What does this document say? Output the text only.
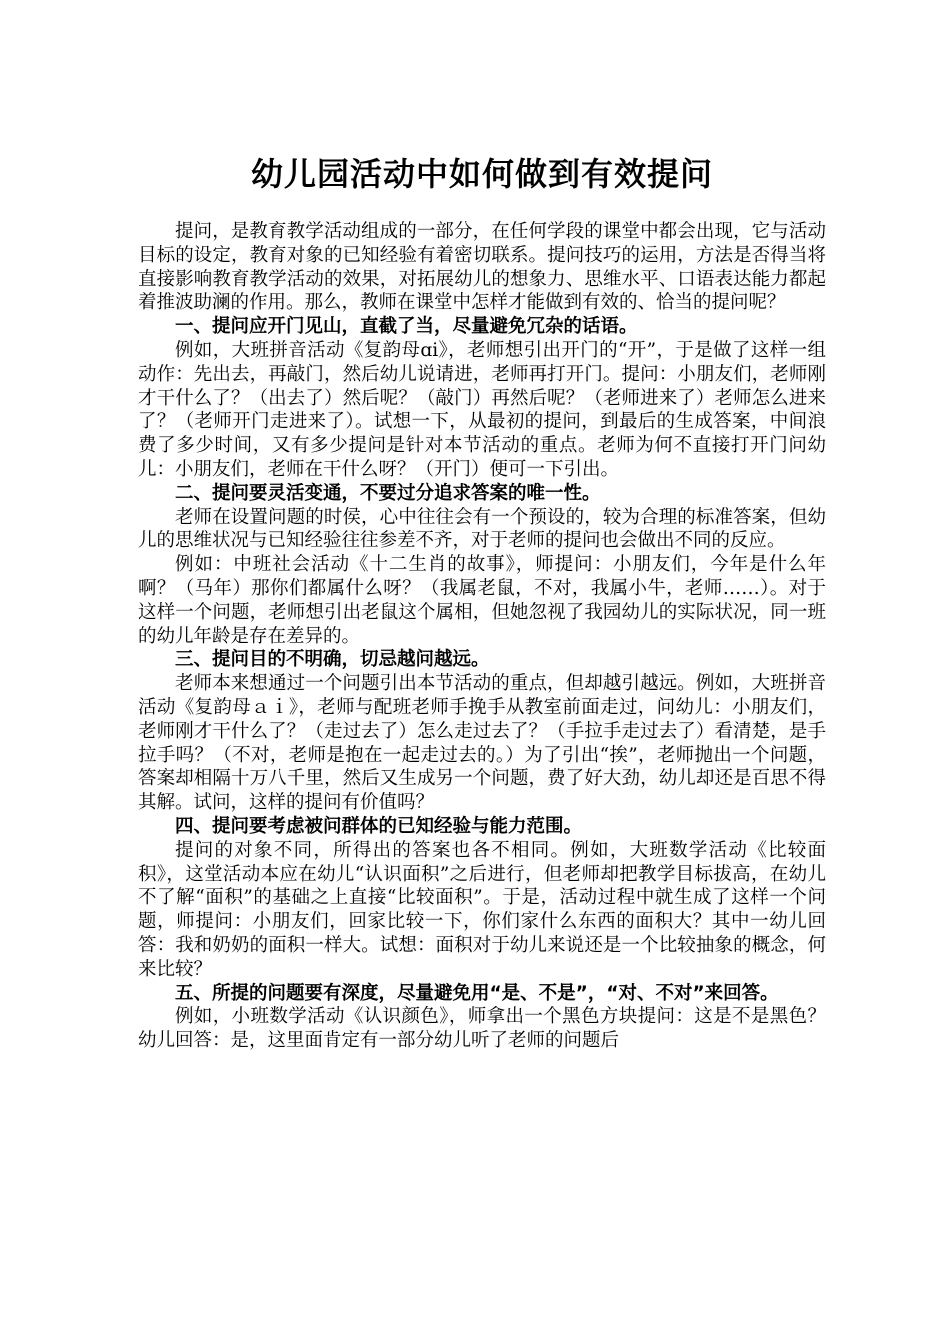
幼儿园活动中如何做到有效提问

提问，是教育教学活动组成的一部分，在任何学段的课堂中都会出现，它与活动目标的设定，教育对象的已知经验有着密切联系。提问技巧的运用，方法是否得当将直接影响教育教学活动的效果，对拓展幼儿的想象力、思维水平、口语表达能力都起着推波助澜的作用。那么，教师在课堂中怎样才能做到有效的、恰当的提问呢？

一、提问应开门见山，直截了当，尽量避免冗杂的话语。

例如，大班拼音活动《复韵母ɑi》，老师想引出开门的“开”，于是做了这样一组动作：先出去，再敲门，然后幼儿说请进，老师再打开门。提问：小朋友们，老师刚才干什么了？（出去了）然后呢？（敲门）再然后呢？（老师进来了）老师怎么进来了？（老师开门走进来了）。试想一下，从最初的提问，到最后的生成答案，中间浪费了多少时间，又有多少提问是针对本节活动的重点。老师为何不直接打开门问幼儿：小朋友们，老师在干什么呀？（开门）便可一下引出。

二、提问要灵活变通，不要过分追求答案的唯一性。

老师在设置问题的时侯，心中往往会有一个预设的，较为合理的标准答案，但幼儿的思维状况与已知经验往往参差不齐，对于老师的提问也会做出不同的反应。

例如：中班社会活动《十二生肖的故事》，师提问：小朋友们，今年是什么年啊？（马年）那你们都属什么呀？（我属老鼠，不对，我属小牛，老师……）。对于这样一个问题，老师想引出老鼠这个属相，但她忽视了我园幼儿的实际状况，同一班的幼儿年龄是存在差异的。

三、提问目的不明确，切忌越问越远。

老师本来想通过一个问题引出本节活动的重点，但却越引越远。例如，大班拼音活动《复韵母ａｉ》，老师与配班老师手挽手从教室前面走过，问幼儿：小朋友们，老师刚才干什么了？（走过去了）怎么走过去了？（手拉手走过去了）看清楚，是手拉手吗？（不对，老师是抱在一起走过去的。）为了引出“挨”，老师抛出一个问题，答案却相隔十万八千里，然后又生成另一个问题，费了好大劲，幼儿却还是百思不得其解。试问，这样的提问有价值吗？

四、提问要考虑被问群体的已知经验与能力范围。

提问的对象不同，所得出的答案也各不相同。例如，大班数学活动《比较面积》，这堂活动本应在幼儿“认识面积”之后进行，但老师却把教学目标拔高，在幼儿不了解“面积”的基础之上直接“比较面积”。于是，活动过程中就生成了这样一个问题，师提问：小朋友们，回家比较一下，你们家什么东西的面积大？其中一幼儿回答：我和奶奶的面积一样大。试想：面积对于幼儿来说还是一个比较抽象的概念，何来比较？

五、所提的问题要有深度，尽量避免用“是、不是”，“对、不对”来回答。

例如，小班数学活动《认识颜色》，师拿出一个黑色方块提问：这是不是黑色？幼儿回答：是，这里面肯定有一部分幼儿听了老师的问题后
